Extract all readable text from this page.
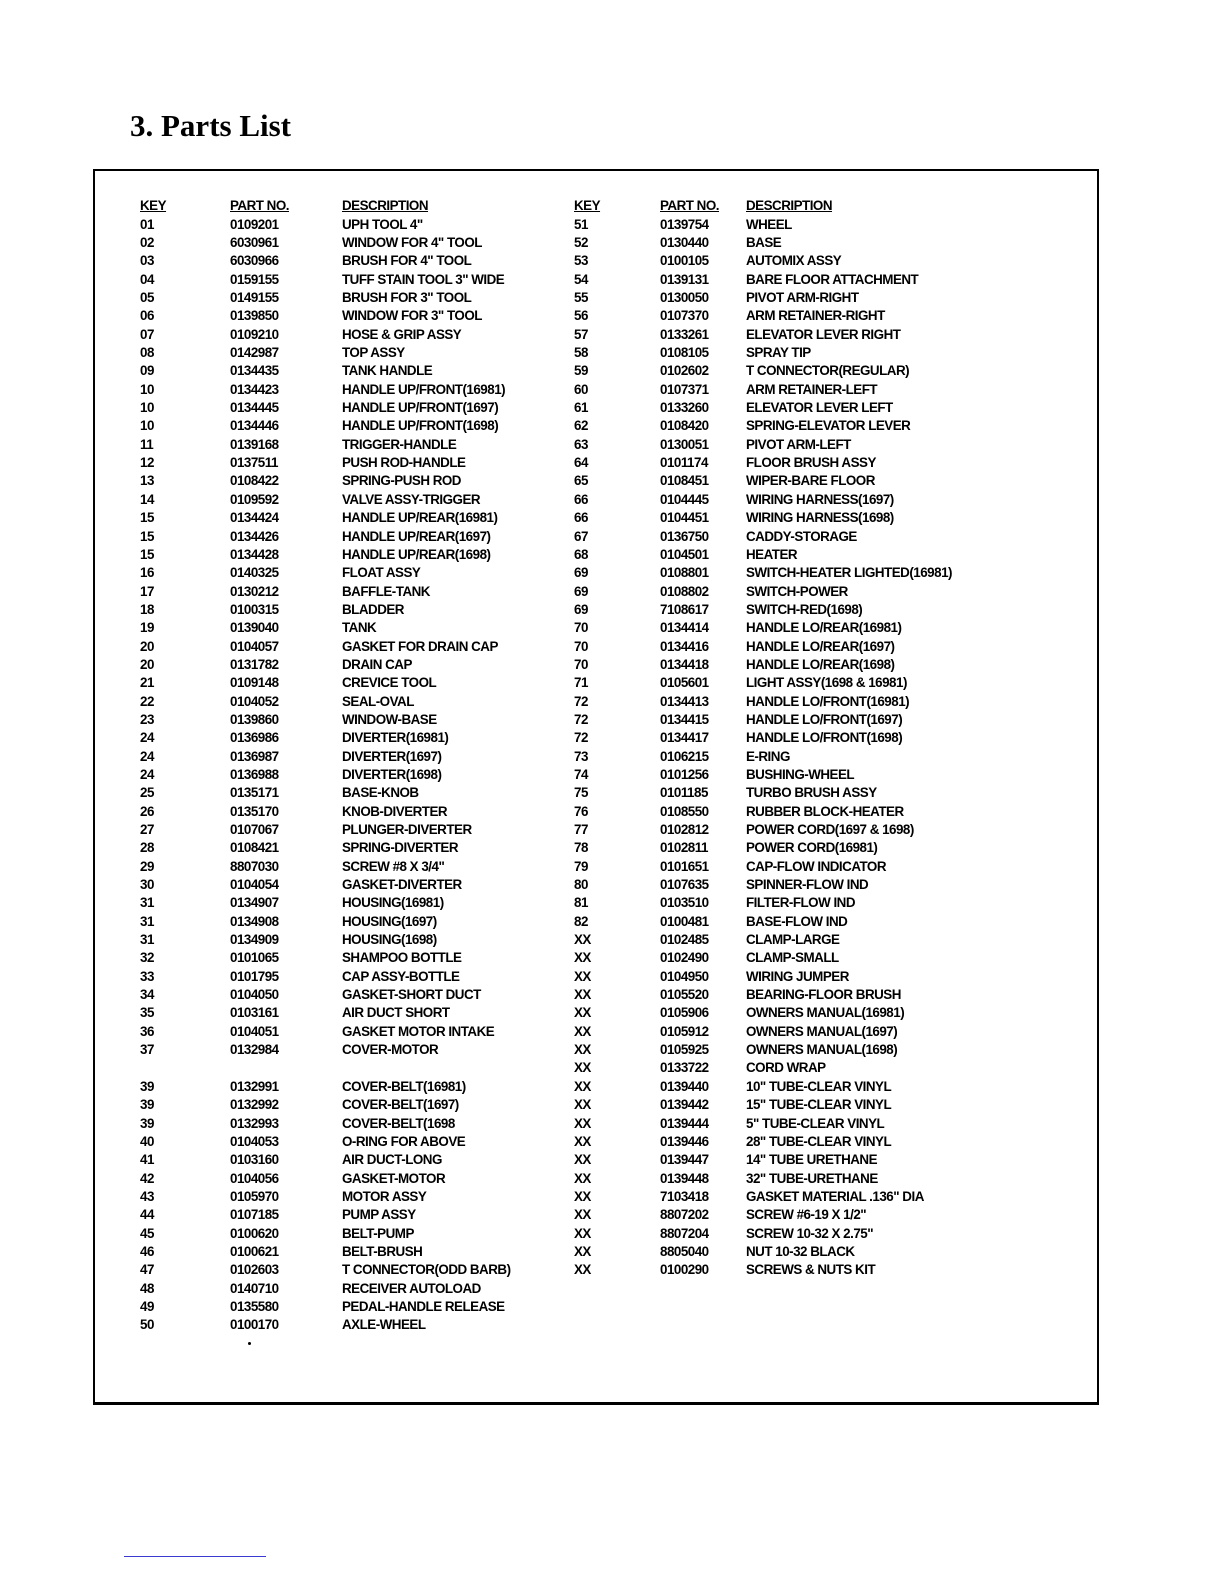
3. Parts List
KEY	PART NO.	DESCRIPTION
01	0109201	UPH TOOL 4"
02	6030961	WINDOW FOR 4" TOOL
03	6030966	BRUSH FOR 4" TOOL
04	0159155	TUFF STAIN TOOL 3" WIDE
05	0149155	BRUSH FOR 3" TOOL
06	0139850	WINDOW FOR 3" TOOL
07	0109210	HOSE & GRIP ASSY
08	0142987	TOP ASSY
09	0134435	TANK HANDLE
10	0134423	HANDLE UP/FRONT(16981)
10	0134445	HANDLE UP/FRONT(1697)
10	0134446	HANDLE UP/FRONT(1698)
11	0139168	TRIGGER-HANDLE
12	0137511	PUSH ROD-HANDLE
13	0108422	SPRING-PUSH ROD
14	0109592	VALVE ASSY-TRIGGER
15	0134424	HANDLE UP/REAR(16981)
15	0134426	HANDLE UP/REAR(1697)
15	0134428	HANDLE UP/REAR(1698)
16	0140325	FLOAT ASSY
17	0130212	BAFFLE-TANK
18	0100315	BLADDER
19	0139040	TANK
20	0104057	GASKET FOR DRAIN CAP
20	0131782	DRAIN CAP
21	0109148	CREVICE TOOL
22	0104052	SEAL-OVAL
23	0139860	WINDOW-BASE
24	0136986	DIVERTER(16981)
24	0136987	DIVERTER(1697)
24	0136988	DIVERTER(1698)
25	0135171	BASE-KNOB
26	0135170	KNOB-DIVERTER
27	0107067	PLUNGER-DIVERTER
28	0108421	SPRING-DIVERTER
29	8807030	SCREW #8 X 3/4"
30	0104054	GASKET-DIVERTER
31	0134907	HOUSING(16981)
31	0134908	HOUSING(1697)
31	0134909	HOUSING(1698)
32	0101065	SHAMPOO BOTTLE
33	0101795	CAP ASSY-BOTTLE
34	0104050	GASKET-SHORT DUCT
35	0103161	AIR DUCT SHORT
36	0104051	GASKET MOTOR INTAKE
37	0132984	COVER-MOTOR
39	0132991	COVER-BELT(16981)
39	0132992	COVER-BELT(1697)
39	0132993	COVER-BELT(1698
40	0104053	O-RING FOR ABOVE
41	0103160	AIR DUCT-LONG
42	0104056	GASKET-MOTOR
43	0105970	MOTOR ASSY
44	0107185	PUMP ASSY
45	0100620	BELT-PUMP
46	0100621	BELT-BRUSH
47	0102603	T CONNECTOR(ODD BARB)
48	0140710	RECEIVER AUTOLOAD
49	0135580	PEDAL-HANDLE RELEASE
50	0100170	AXLE-WHEEL
KEY	PART NO.	DESCRIPTION
51	0139754	WHEEL
52	0130440	BASE
53	0100105	AUTOMIX ASSY
54	0139131	BARE FLOOR ATTACHMENT
55	0130050	PIVOT ARM-RIGHT
56	0107370	ARM RETAINER-RIGHT
57	0133261	ELEVATOR LEVER RIGHT
58	0108105	SPRAY TIP
59	0102602	T CONNECTOR(REGULAR)
60	0107371	ARM RETAINER-LEFT
61	0133260	ELEVATOR LEVER LEFT
62	0108420	SPRING-ELEVATOR LEVER
63	0130051	PIVOT ARM-LEFT
64	0101174	FLOOR BRUSH ASSY
65	0108451	WIPER-BARE FLOOR
66	0104445	WIRING HARNESS(1697)
66	0104451	WIRING HARNESS(1698)
67	0136750	CADDY-STORAGE
68	0104501	HEATER
69	0108801	SWITCH-HEATER LIGHTED(16981)
69	0108802	SWITCH-POWER
69	7108617	SWITCH-RED(1698)
70	0134414	HANDLE LO/REAR(16981)
70	0134416	HANDLE LO/REAR(1697)
70	0134418	HANDLE LO/REAR(1698)
71	0105601	LIGHT ASSY(1698 & 16981)
72	0134413	HANDLE LO/FRONT(16981)
72	0134415	HANDLE LO/FRONT(1697)
72	0134417	HANDLE LO/FRONT(1698)
73	0106215	E-RING
74	0101256	BUSHING-WHEEL
75	0101185	TURBO BRUSH ASSY
76	0108550	RUBBER BLOCK-HEATER
77	0102812	POWER CORD(1697 & 1698)
78	0102811	POWER CORD(16981)
79	0101651	CAP-FLOW INDICATOR
80	0107635	SPINNER-FLOW IND
81	0103510	FILTER-FLOW IND
82	0100481	BASE-FLOW IND
XX	0102485	CLAMP-LARGE
XX	0102490	CLAMP-SMALL
XX	0104950	WIRING JUMPER
XX	0105520	BEARING-FLOOR BRUSH
XX	0105906	OWNERS MANUAL(16981)
XX	0105912	OWNERS MANUAL(1697)
XX	0105925	OWNERS MANUAL(1698)
XX	0133722	CORD WRAP
XX	0139440	10" TUBE-CLEAR VINYL
XX	0139442	15" TUBE-CLEAR VINYL
XX	0139444	5" TUBE-CLEAR VINYL
XX	0139446	28" TUBE-CLEAR VINYL
XX	0139447	14" TUBE URETHANE
XX	0139448	32" TUBE-URETHANE
XX	7103418	GASKET MATERIAL .136" DIA
XX	8807202	SCREW #6-19 X 1/2"
XX	8807204	SCREW 10-32 X 2.75"
XX	8805040	NUT 10-32 BLACK
XX	0100290	SCREWS & NUTS KIT
